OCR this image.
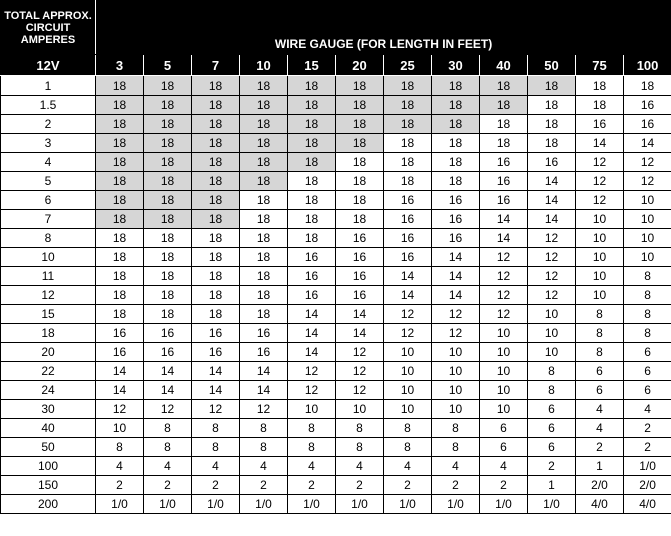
TOTAL APPROX.
CIRCUIT
AMPERES	WIRE GAUGE (FOR LENGTH IN FEET)											
12V	3	5	7	10	15	20	25	30	40	50	75	100
1	18	18	18	18	18	18	18	18	18	18	18	18
1.5	18	18	18	18	18	18	18	18	18	18	18	16
2	18	18	18	18	18	18	18	18	18	18	16	16
3	18	18	18	18	18	18	18	18	18	18	14	14
4	18	18	18	18	18	18	18	18	16	16	12	12
5	18	18	18	18	18	18	18	18	16	14	12	12
6	18	18	18	18	18	18	16	16	16	14	12	10
7	18	18	18	18	18	18	16	16	14	14	10	10
8	18	18	18	18	18	16	16	16	14	12	10	10
10	18	18	18	18	16	16	16	14	12	12	10	10
11	18	18	18	18	16	16	14	14	12	12	10	8
12	18	18	18	18	16	16	14	14	12	12	10	8
15	18	18	18	18	14	14	12	12	12	10	8	8
18	16	16	16	16	14	14	12	12	10	10	8	8
20	16	16	16	16	14	12	10	10	10	10	8	6
22	14	14	14	14	12	12	10	10	10	8	6	6
24	14	14	14	14	12	12	10	10	10	8	6	6
30	12	12	12	12	10	10	10	10	10	6	4	4
40	10	8	8	8	8	8	8	8	6	6	4	2
50	8	8	8	8	8	8	8	8	6	6	2	2
100	4	4	4	4	4	4	4	4	4	2	1	1/0
150	2	2	2	2	2	2	2	2	2	1	2/0	2/0
200	1/0	1/0	1/0	1/0	1/0	1/0	1/0	1/0	1/0	1/0	4/0	4/0
